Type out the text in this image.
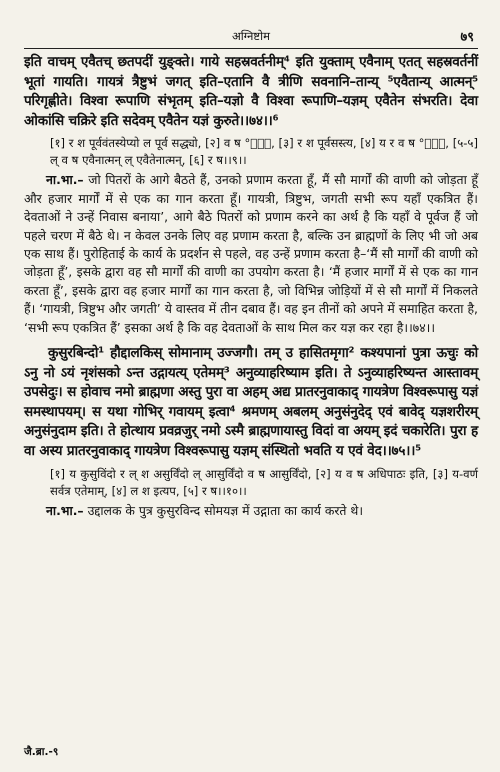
अग्निष्टोम	७९

इति वाचम् एवैतच् छतपदीं युङ्क्ते। गाये सहस्रवर्तनीम्⁴ इति युक्ताम् एवैनाम् एतत् सहस्रवर्तनीं भूतां गायति। गायत्रं त्रैष्टुभं जगत् इति–एतानि वै त्रीणि सवनानि–तान्य् ⁵एवैतान्य् आत्मन्⁵ परिगृह्णीते। विश्वा रूपाणि संभृतम् इति–यज्ञो वै विश्वा रूपाणि–यज्ञम् एवैतेन संभरति। देवा ओकांसि चक्रिरे इति सदेवम् एवैतेन यज्ञं कुरुते।।७४।।⁶

[१] र श पूर्ववंतस्येप्यो ल पूर्व सद्ध्यो, [२] व ष °नि᳕, [३] र श पूर्वसस्त्य, [४] य र व ष °नि᳕, [५-५] ल् व ष एवैनात्मन् ल् एवैतेनात्मन्, [६] र ष।।९।।

ना.भा.– जो पितरों के आगे बैठते हैं, उनको प्रणाम करता हूँ, मैं सौ मार्गों की वाणी को जोड़ता हूँ और हजार मार्गों में से एक का गान करता हूँ। गायत्री, त्रिष्टुभ, जगती सभी रूप यहाँ एकत्रित हैं। देवताओं ने उन्हें निवास बनाया’, आगे बैठे पितरों को प्रणाम करने का अर्थ है कि यहाँ वे पूर्वज हैं जो पहले चरण में बैठे थे। न केवल उनके लिए वह प्रणाम करता है, बल्कि उन ब्राह्मणों के लिए भी जो अब एक साथ हैं। पुरोहिताई के कार्य के प्रदर्शन से पहले, वह उन्हें प्रणाम करता है–‘मैं सौ मार्गों की वाणी को जोड़ता हूँ’, इसके द्वारा वह सौ मार्गों की वाणी का उपयोग करता है। ‘मैं हजार मार्गों में से एक का गान करता हूँ’, इसके द्वारा वह हजार मार्गों का गान करता है, जो विभिन्न जोड़ियों में से सौ मार्गों में निकलते हैं। ‘गायत्री, त्रिष्टुभ और जगती’ ये वास्तव में तीन दबाव हैं। वह इन तीनों को अपने में समाहित करता है, ‘सभी रूप एकत्रित हैं’ इसका अर्थ है कि वह देवताओं के साथ मिल कर यज्ञ कर रहा है।।७४।।

कुसुरबिन्दो¹ हौद्दालकिस् सोमानाम् उज्जगौ। तम् उ हासितमृगा² कश्यपानां पुत्रा ऊचुः को ऽनु नो ऽयं नृशंसको ऽन्त उद्गायत्य् एतेमम्³ अनुव्याहरिष्याम इति। ते ऽनुव्याहरिष्यन्त आस्तावम् उपसेदुः। स होवाच नमो ब्राह्मणा अस्तु पुरा वा अहम् अद्य प्रातरनुवाकाद् गायत्रेण विश्वरूपासु यज्ञं समस्थापयम्। स यथा गोभिर् गवायम् इत्वा⁴ श्रमणम् अबलम् अनुसंनुदेद् एवं बावेद् यज्ञशरीरम् अनुसंनुदाम इति। ते होत्थाय प्रवव्रजुर् नमो ऽस्मै ब्राह्मणायास्तु विदां वा अयम् इदं चकारेति। पुरा ह वा अस्य प्रातरनुवाकाद् गायत्रेण विश्वरूपासु यज्ञम् संस्थितो भवति य एवं वेद।।७५।।⁵

[१] य कुसुविंदो र ल् श असुर्विंदो ल् आसुर्विंदो व ष आसुर्विंदो, [२] य व ष अधिपाठः इति, [३] य-वर्ण सर्वत्र एतेमाम्, [४] ल श इत्यप, [५] र ष।।१०।।

ना.भा.– उद्दालक के पुत्र कुसुरविन्द सोमयज्ञ में उद्गाता का कार्य करते थे।

जै.ब्रा.-९
